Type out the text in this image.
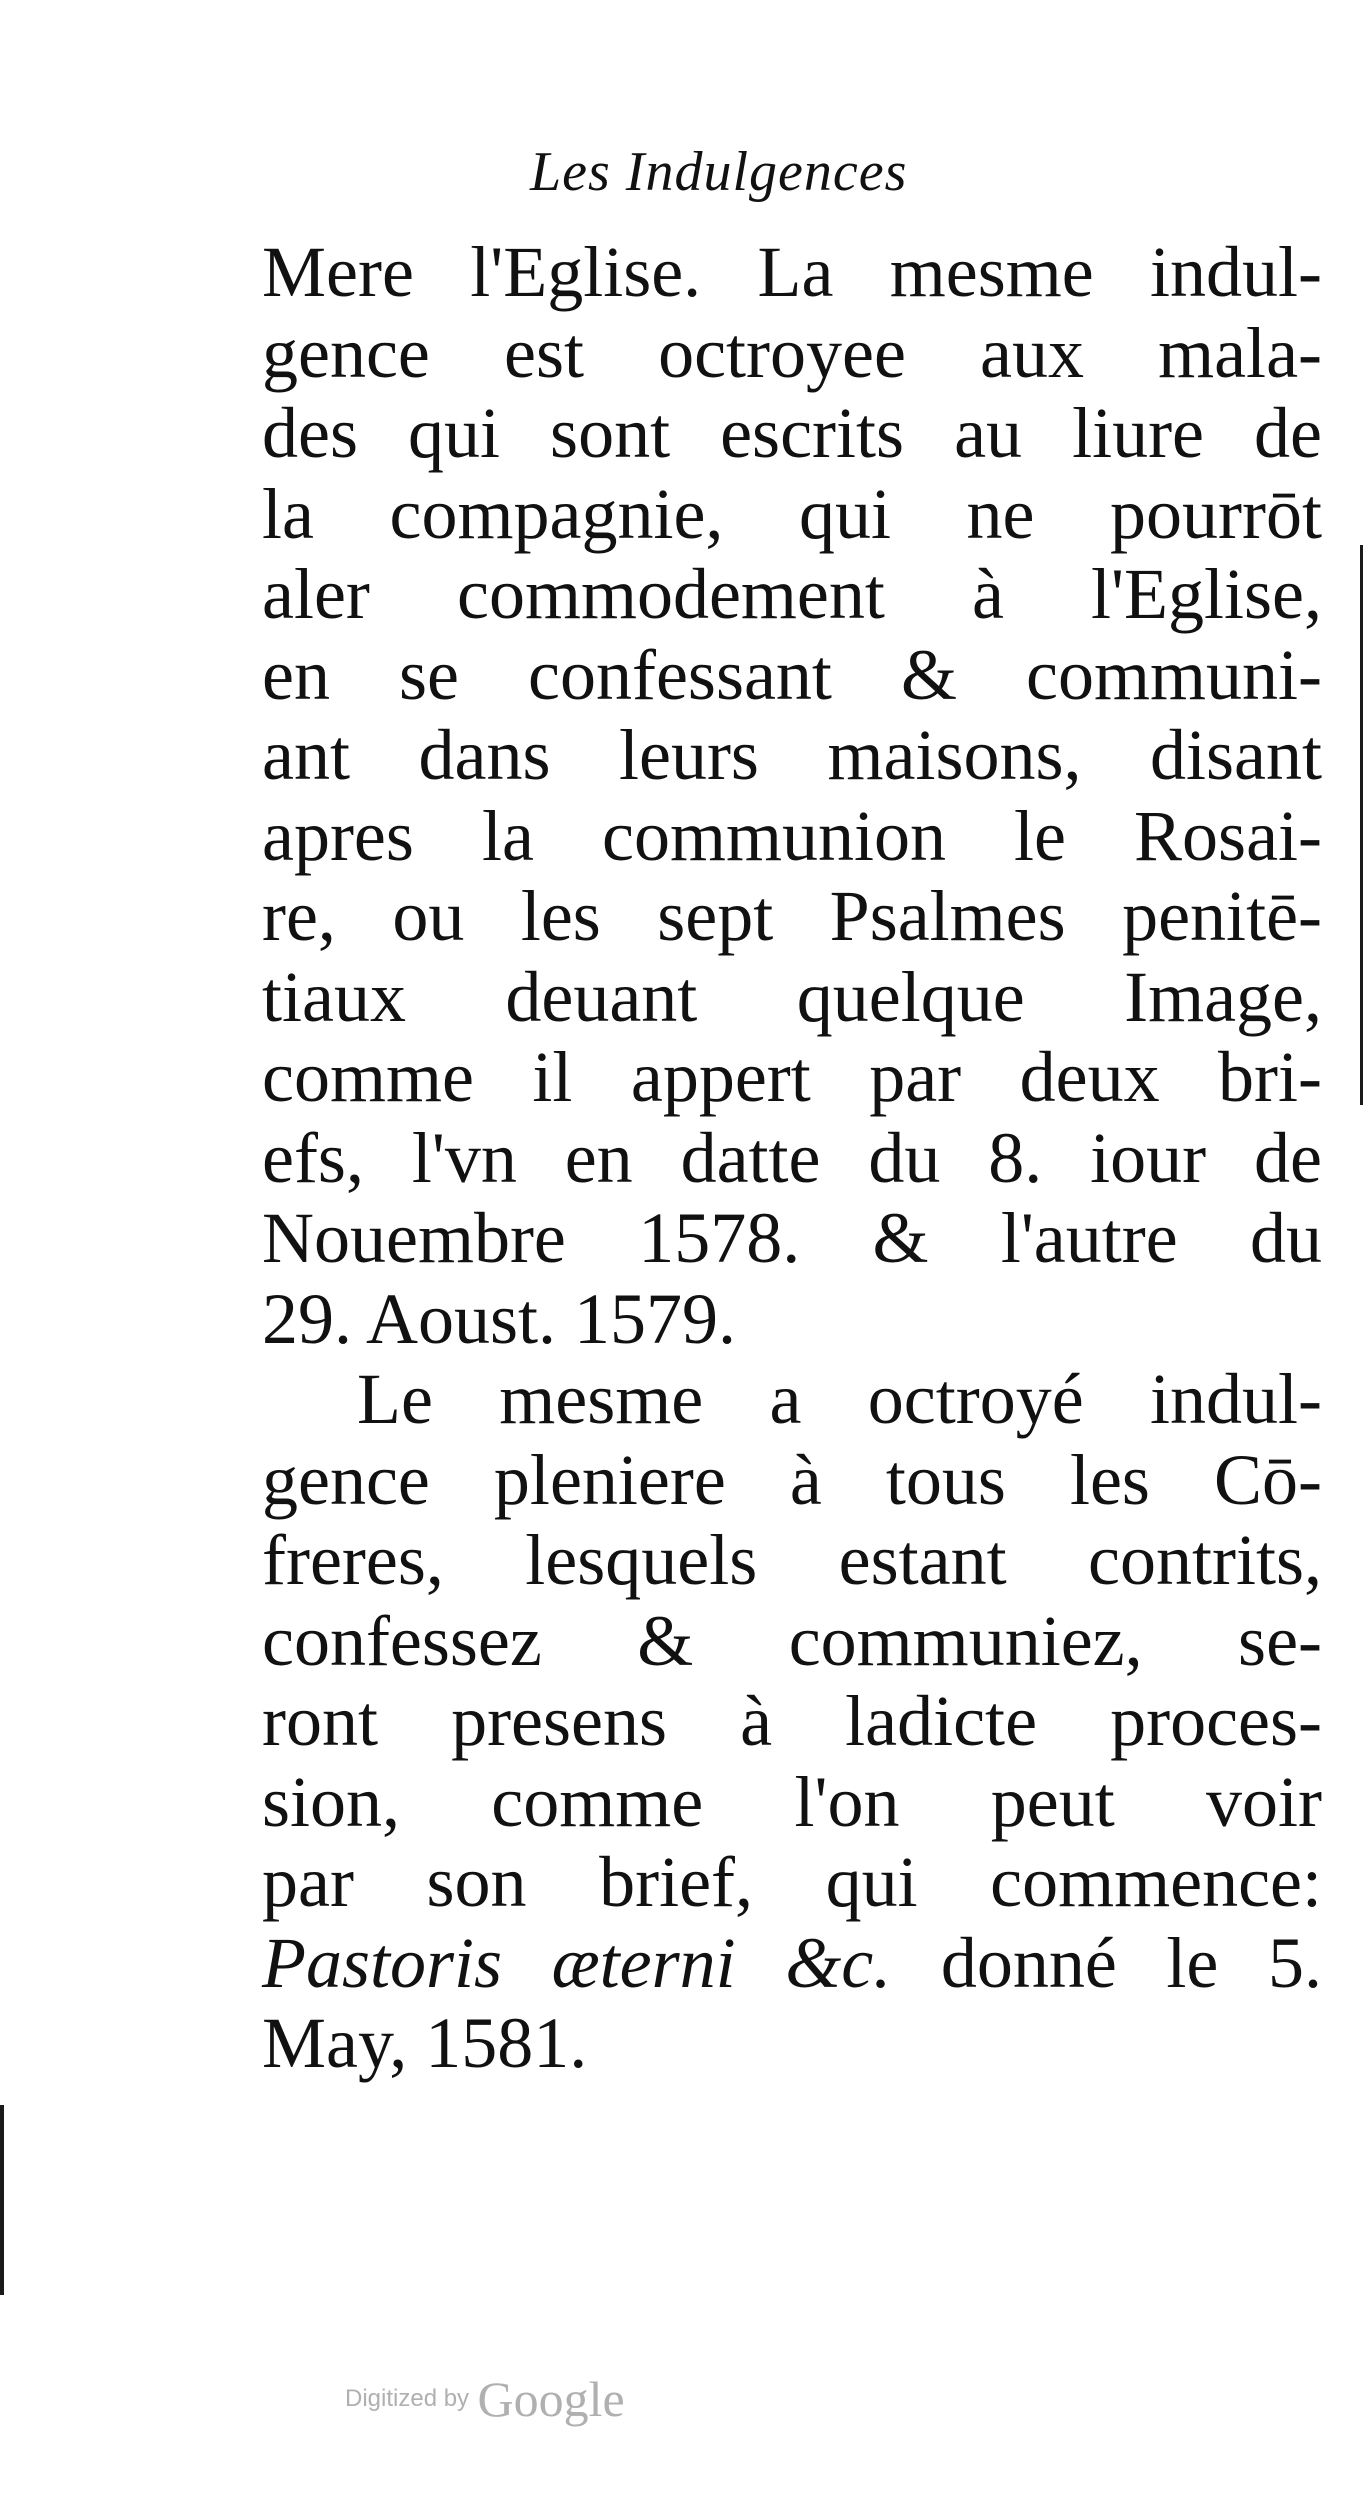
Les Indulgences
Mere l'Eglise. La mesme indul-
gence est octroyee aux mala-
des qui sont escrits au liure de
la compagnie, qui ne pourrōt
aler commodement à l'Eglise,
en se confessant & communi-
ant dans leurs maisons, disant
apres la communion le Rosai-
re, ou les sept Psalmes penitē-
tiaux deuant quelque Image,
comme il appert par deux bri-
efs, l'vn en datte du 8. iour de
Nouembre 1578. & l'autre du
29. Aoust. 1579.
Le mesme a octroyé indul-
gence pleniere à tous les Cō-
freres, lesquels estant contrits,
confessez & communiez, se-
ront presens à ladicte proces-
sion, comme l'on peut voir
par son brief, qui commence:
Pastoris æterni &c. donné le 5.
May, 1581.
Digitized by Google
